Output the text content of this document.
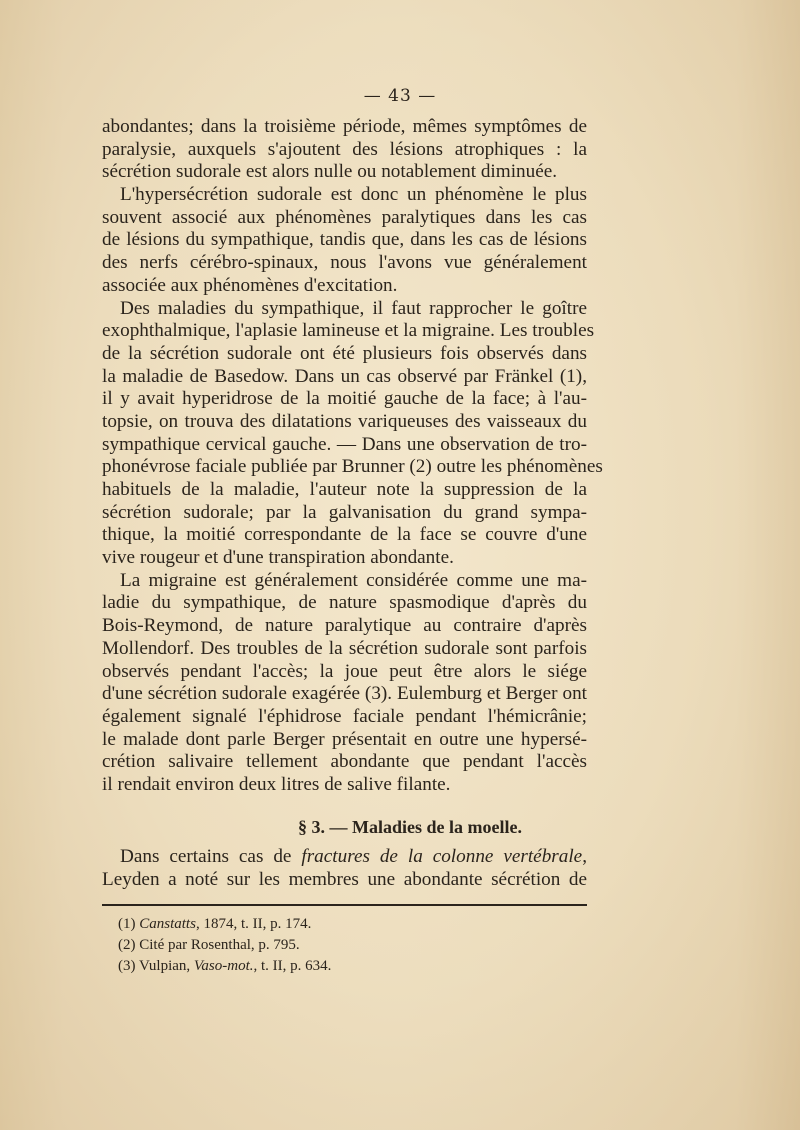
— 43 —
abondantes; dans la troisième période, mêmes symptômes de
paralysie, auxquels s'ajoutent des lésions atrophiques : la
sécrétion sudorale est alors nulle ou notablement diminuée.
L'hypersécrétion sudorale est donc un phénomène le plus
souvent associé aux phénomènes paralytiques dans les cas
de lésions du sympathique, tandis que, dans les cas de lésions
des nerfs cérébro-spinaux, nous l'avons vue généralement
associée aux phénomènes d'excitation.
Des maladies du sympathique, il faut rapprocher le goître
exophthalmique, l'aplasie lamineuse et la migraine. Les troubles
de la sécrétion sudorale ont été plusieurs fois observés dans
la maladie de Basedow. Dans un cas observé par Fränkel (1),
il y avait hyperidrose de la moitié gauche de la face; à l'au-
topsie, on trouva des dilatations variqueuses des vaisseaux du
sympathique cervical gauche. — Dans une observation de tro-
phonévrose faciale publiée par Brunner (2) outre les phénomènes
habituels de la maladie, l'auteur note la suppression de la
sécrétion sudorale; par la galvanisation du grand sympa-
thique, la moitié correspondante de la face se couvre d'une
vive rougeur et d'une transpiration abondante.
La migraine est généralement considérée comme une ma-
ladie du sympathique, de nature spasmodique d'après du
Bois-Reymond, de nature paralytique au contraire d'après
Mollendorf. Des troubles de la sécrétion sudorale sont parfois
observés pendant l'accès; la joue peut être alors le siége
d'une sécrétion sudorale exagérée (3). Eulemburg et Berger ont
également signalé l'éphidrose faciale pendant l'hémicrânie;
le malade dont parle Berger présentait en outre une hypersé-
crétion salivaire tellement abondante que pendant l'accès
il rendait environ deux litres de salive filante.
§ 3. — Maladies de la moelle.
Dans certains cas de fractures de la colonne vertébrale,
Leyden a noté sur les membres une abondante sécrétion de
(1) Canstatts, 1874, t. II, p. 174.
(2) Cité par Rosenthal, p. 795.
(3) Vulpian, Vaso-mot., t. II, p. 634.
